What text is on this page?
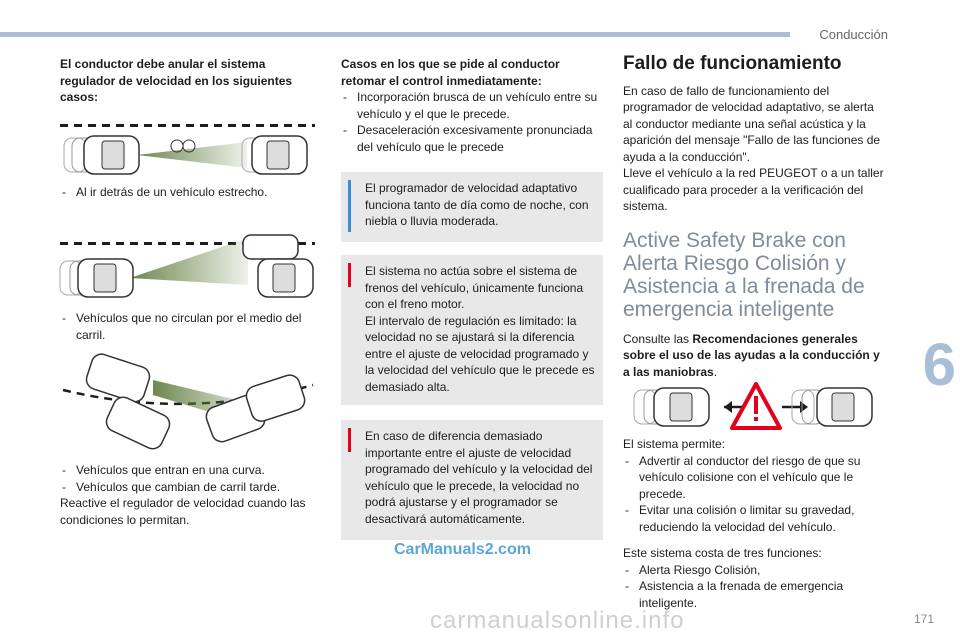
Conducción
6
171
El conductor debe anular el sistema regulador de velocidad en los siguientes casos:
- Al ir detrás de un vehículo estrecho.
- Vehículos que no circulan por el medio del carril.
- Vehículos que entran en una curva.
- Vehículos que cambian de carril tarde.
Reactive el regulador de velocidad cuando las condiciones lo permitan.
Casos en los que se pide al conductor retomar el control inmediatamente:
- Incorporación brusca de un vehículo entre su vehículo y el que le precede.
- Desaceleración excesivamente pronunciada del vehículo que le precede
El programador de velocidad adaptativo funciona tanto de día como de noche, con niebla o lluvia moderada.
El sistema no actúa sobre el sistema de frenos del vehículo, únicamente funciona con el freno motor.
El intervalo de regulación es limitado: la velocidad no se ajustará si la diferencia entre el ajuste de velocidad programado y la velocidad del vehículo que le precede es demasiado alta.
En caso de diferencia demasiado importante entre el ajuste de velocidad programado del vehículo y la velocidad del vehículo que le precede, la velocidad no podrá ajustarse y el programador se desactivará automáticamente.
CarManuals2.com
Fallo de funcionamiento
En caso de fallo de funcionamiento del programador de velocidad adaptativo, se alerta al conductor mediante una señal acústica y la aparición del mensaje "Fallo de las funciones de ayuda a la conducción".
Lleve el vehículo a la red PEUGEOT o a un taller cualificado para proceder a la verificación del sistema.
Active Safety Brake con Alerta Riesgo Colisión y Asistencia a la frenada de emergencia inteligente
Consulte las Recomendaciones generales sobre el uso de las ayudas a la conducción y a las maniobras.
El sistema permite:
- Advertir al conductor del riesgo de que su vehículo colisione con el vehículo que le precede.
- Evitar una colisión o limitar su gravedad, reduciendo la velocidad del vehículo.
Este sistema costa de tres funciones:
- Alerta Riesgo Colisión,
- Asistencia a la frenada de emergencia inteligente.
carmanualsonline.info
